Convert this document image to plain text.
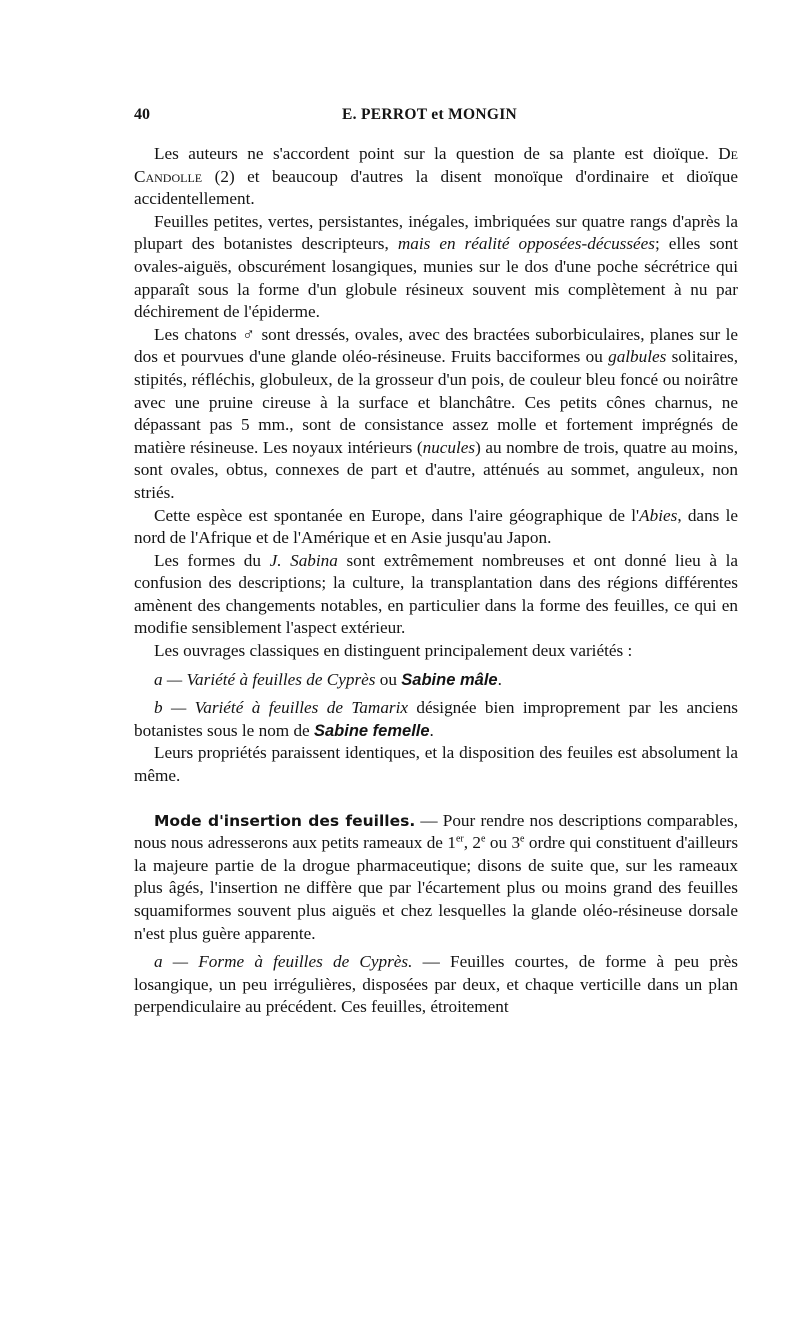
40	E. PERROT et MONGIN

Les auteurs ne s'accordent point sur la question de sa plante est dioïque. De Candolle (2) et beaucoup d'autres la disent monoïque d'ordinaire et dioïque accidentellement.

Feuilles petites, vertes, persistantes, inégales, imbriquées sur quatre rangs d'après la plupart des botanistes descripteurs, mais en réalité opposées-décussées; elles sont ovales-aiguës, obscurément losangiques, munies sur le dos d'une poche sécrétrice qui apparaît sous la forme d'un globule résineux souvent mis complètement à nu par déchirement de l'épiderme.

Les chatons ♂ sont dressés, ovales, avec des bractées suborbiculaires, planes sur le dos et pourvues d'une glande oléo-résineuse. Fruits bacciformes ou galbules solitaires, stipités, réfléchis, globuleux, de la grosseur d'un pois, de couleur bleu foncé ou noirâtre avec une pruine cireuse à la surface et blanchâtre. Ces petits cônes charnus, ne dépassant pas 5 mm., sont de consistance assez molle et fortement imprégnés de matière résineuse. Les noyaux intérieurs (nucules) au nombre de trois, quatre au moins, sont ovales, obtus, connexes de part et d'autre, atténués au sommet, anguleux, non striés.

Cette espèce est spontanée en Europe, dans l'aire géographique de l'Abies, dans le nord de l'Afrique et de l'Amérique et en Asie jusqu'au Japon.

Les formes du J. Sabina sont extrêmement nombreuses et ont donné lieu à la confusion des descriptions; la culture, la transplantation dans des régions différentes amènent des changements notables, en particulier dans la forme des feuilles, ce qui en modifie sensiblement l'aspect extérieur.

Les ouvrages classiques en distinguent principalement deux variétés :

a — Variété à feuilles de Cyprès ou Sabine mâle.

b — Variété à feuilles de Tamarix désignée bien improprement par les anciens botanistes sous le nom de Sabine femelle.

Leurs propriétés paraissent identiques, et la disposition des feuiles est absolument la même.

Mode d'insertion des feuilles. — Pour rendre nos descriptions comparables, nous nous adresserons aux petits rameaux de 1er, 2e ou 3e ordre qui constituent d'ailleurs la majeure partie de la drogue pharmaceutique; disons de suite que, sur les rameaux plus âgés, l'insertion ne diffère que par l'écartement plus ou moins grand des feuilles squamiformes souvent plus aiguës et chez lesquelles la glande oléo-résineuse dorsale n'est plus guère apparente.

a — Forme à feuilles de Cyprès. — Feuilles courtes, de forme à peu près losangique, un peu irrégulières, disposées par deux, et chaque verticille dans un plan perpendiculaire au précédent. Ces feuilles, étroitement
